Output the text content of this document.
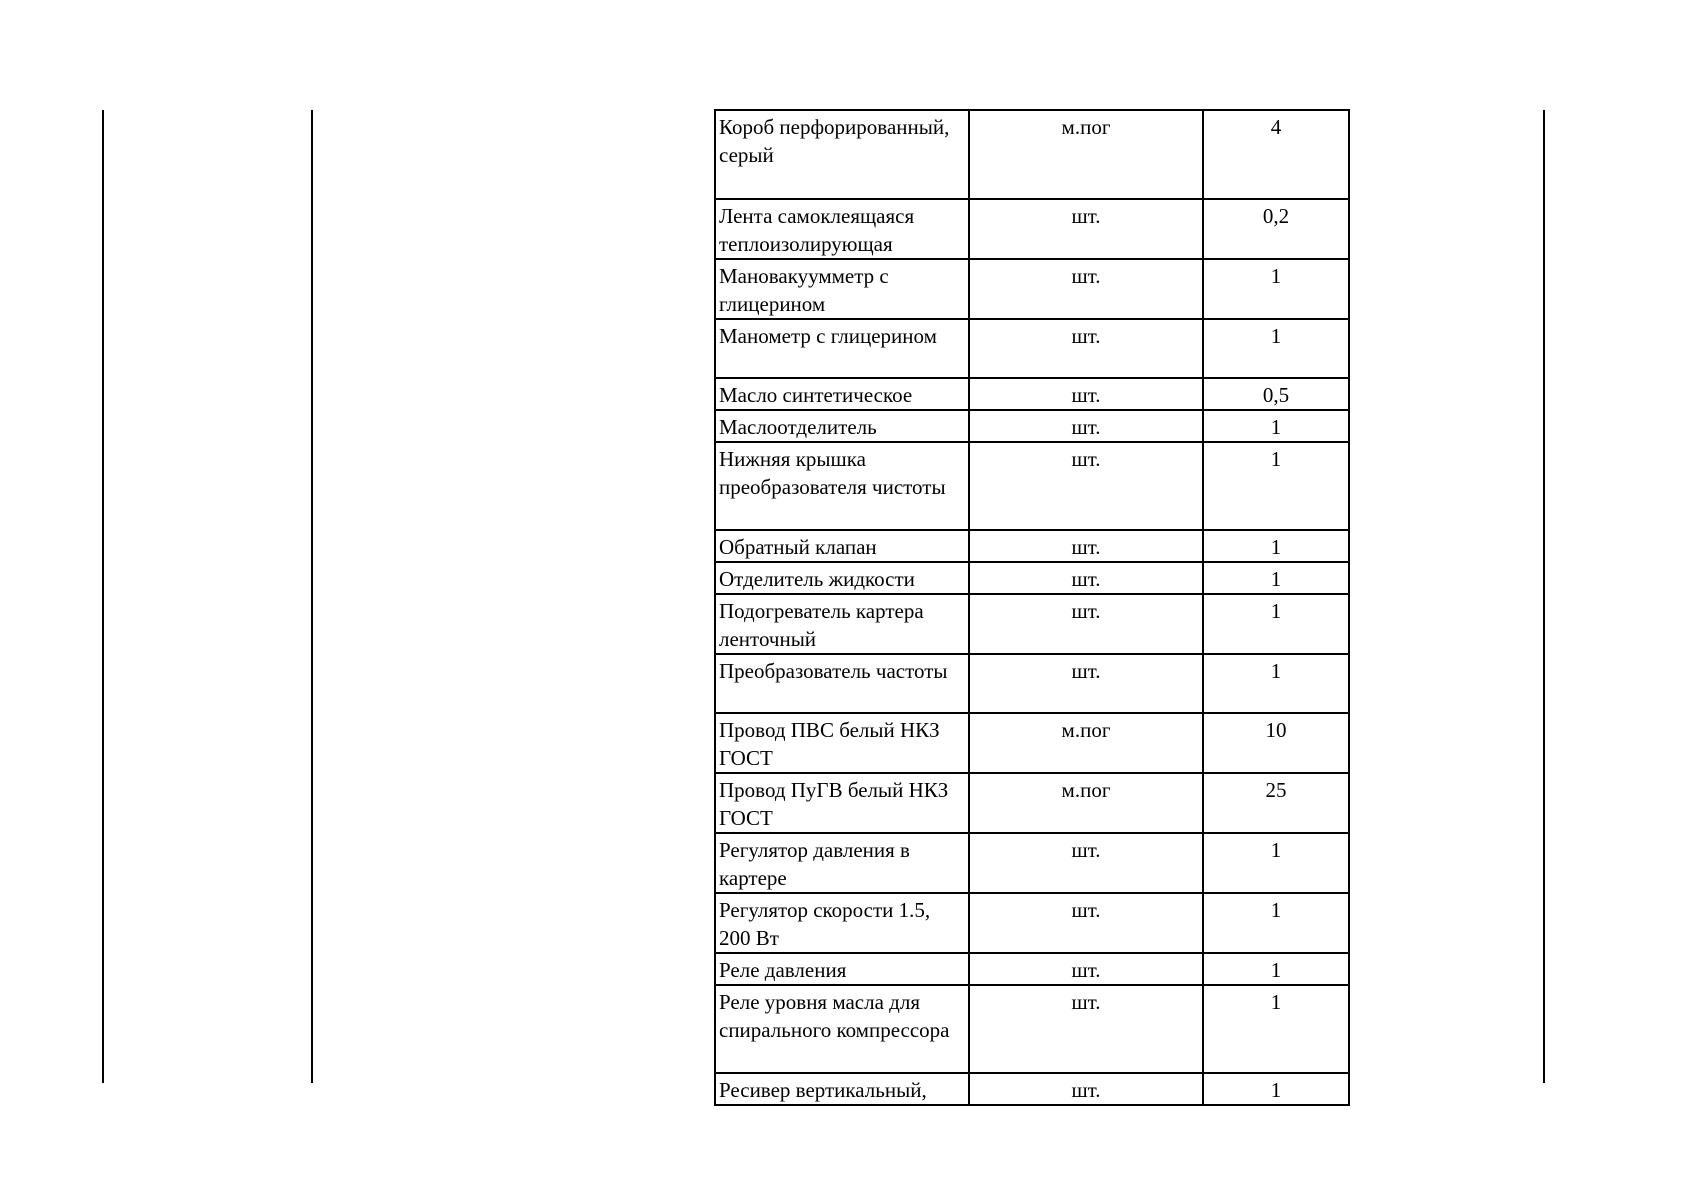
Короб перфорированный, серый	м.пог	4
Лента самоклеящаяся теплоизолирующая	шт.	0,2
Мановакуумметр с глицерином	шт.	1
Манометр с глицерином	шт.	1
Масло синтетическое	шт.	0,5
Маслоотделитель	шт.	1
Нижняя крышка преобразователя чистоты	шт.	1
Обратный клапан	шт.	1
Отделитель жидкости	шт.	1
Подогреватель картера ленточный	шт.	1
Преобразователь частоты	шт.	1
Провод ПВС белый НКЗ ГОСТ	м.пог	10
Провод ПуГВ белый НКЗ ГОСТ	м.пог	25
Регулятор давления в картере	шт.	1
Регулятор скорости 1.5, 200 Вт	шт.	1
Реле давления	шт.	1
Реле уровня масла для спирального компрессора	шт.	1
Ресивер вертикальный,	шт.	1
